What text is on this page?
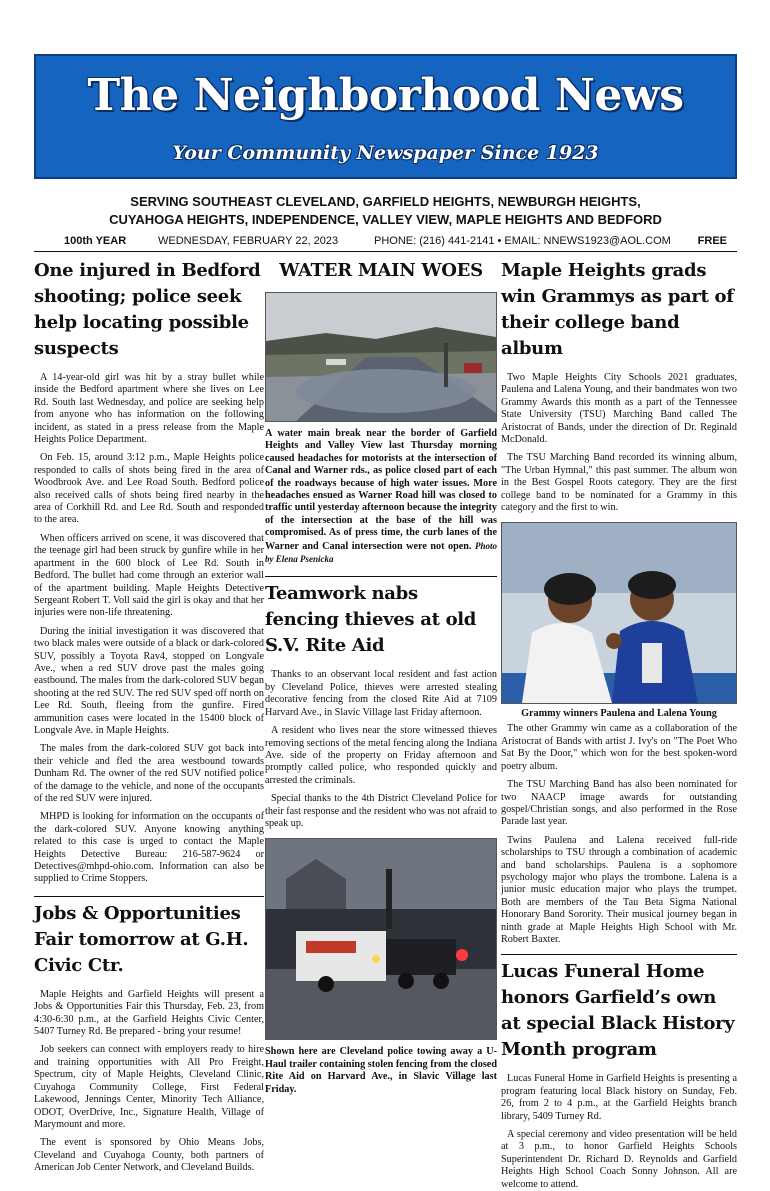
The Neighborhood News
Your Community Newspaper Since 1923
SERVING SOUTHEAST CLEVELAND, GARFIELD HEIGHTS, NEWBURGH HEIGHTS,
CUYAHOGA HEIGHTS, INDEPENDENCE, VALLEY VIEW, MAPLE HEIGHTS AND BEDFORD
100th YEAR	WEDNESDAY, FEBRUARY 22, 2023	PHONE: (216) 441-2141 • EMAIL: NNEWS1923@AOL.COM FREE
One injured in Bedford shooting; police seek help locating possible suspects

A 14-year-old girl was hit by a stray bullet while inside the Bedford apartment where she lives on Lee Rd. South last Wednesday, and police are seeking help from anyone who has information on the following incident, as stated in a press release from the Maple Heights Police Department.

On Feb. 15, around 3:12 p.m., Maple Heights police responded to calls of shots being fired in the area of Woodbrook Ave. and Lee Road South. Bedford police also received calls of shots being fired nearby in the area of Corkhill Rd. and Lee Rd. South and responded to the area.

When officers arrived on scene, it was discovered that the teenage girl had been struck by gunfire while in her apartment in the 600 block of Lee Rd. South in Bedford. The bullet had come through an exterior wall of the apartment building. Maple Heights Detective Sergeant Robert T. Voll said the girl is okay and that her injuries were non-life threatening.

During the initial investigation it was discovered that two black males were outside of a black or dark-colored SUV, possibly a Toyota Rav4, stopped on Longvale Ave., when a red SUV drove past the males going eastbound. The males from the dark-colored SUV began shooting at the red SUV. The red SUV sped off north on Lee Rd. South, fleeing from the gunfire. Fired ammunition cases were located in the 15400 block of Longvale Ave. in Maple Heights.

The males from the dark-colored SUV got back into their vehicle and fled the area westbound towards Dunham Rd. The owner of the red SUV notified police of the damage to the vehicle, and none of the occupants of the red SUV were injured.

MHPD is looking for information on the occupants of the dark-colored SUV. Anyone knowing anything related to this case is urged to contact the Maple Heights Detective Bureau: 216-587-9624 or Detectives@mhpd-ohio.com. Information can also be supplied to Crime Stoppers.

Jobs & Opportunities Fair tomorrow at G.H. Civic Ctr.

Maple Heights and Garfield Heights will present a Jobs & Opportunities Fair this Thursday, Feb. 23, from 4:30-6:30 p.m., at the Garfield Heights Civic Center, 5407 Turney Rd. Be prepared - bring your resume!

Job seekers can connect with employers ready to hire and training opportunities with All Pro Freight, Spectrum, city of Maple Heights, Cleveland Clinic, Cuyahoga Community College, First Federal Lakewood, Jennings Center, Minority Tech Alliance, ODOT, OverDrive, Inc., Signature Health, Village of Marymount and more.

The event is sponsored by Ohio Means Jobs, Cleveland and Cuyahoga County, both partners of American Job Center Network, and Cleveland Builds.

WATER MAIN WOES

A water main break near the border of Garfield Heights and Valley View last Thursday morning caused headaches for motorists at the intersection of Canal and Warner rds., as police closed part of each of the roadways because of high water issues. More headaches ensued as Warner Road hill was closed to traffic until yesterday afternoon because the integrity of the intersection at the base of the hill was compromised. As of press time, the curb lanes of the Warner and Canal intersection were not open. Photo by Elena Psenicka

Teamwork nabs fencing thieves at old S.V. Rite Aid

Thanks to an observant local resident and fast action by Cleveland Police, thieves were arrested stealing decorative fencing from the closed Rite Aid at 7109 Harvard Ave., in Slavic Village last Friday afternoon.

A resident who lives near the store witnessed thieves removing sections of the metal fencing along the Indiana Ave. side of the property on Friday afternoon and promptly called police, who responded quickly and arrested the criminals.

Special thanks to the 4th District Cleveland Police for their fast response and the resident who was not afraid to speak up.

Shown here are Cleveland police towing away a U-Haul trailer containing stolen fencing from the closed Rite Aid on Harvard Ave., in Slavic Village last Friday.

Maple Heights grads win Grammys as part of their college band album

Two Maple Heights City Schools 2021 graduates, Paulena and Lalena Young, and their bandmates won two Grammy Awards this month as a part of the Tennessee State University (TSU) Marching Band called The Aristocrat of Bands, under the direction of Dr. Reginald McDonald.

The TSU Marching Band recorded its winning album, "The Urban Hymnal," this past summer. The album won in the Best Gospel Roots category. They are the first college band to be nominated for a Grammy in this category and the first to win.

Grammy winners Paulena and Lalena Young

The other Grammy win came as a collaboration of the Aristocrat of Bands with artist J. Ivy's on "The Poet Who Sat By the Door," which won for the best spoken-word poetry album.

The TSU Marching Band has also been nominated for two NAACP image awards for outstanding gospel/Christian songs, and also performed in the Rose Parade last year.

Twins Paulena and Lalena received full-ride scholarships to TSU through a combination of academic and band scholarships. Paulena is a sophomore psychology major who plays the trombone. Lalena is a junior music education major who plays the trumpet. Both are members of the Tau Beta Sigma National Honorary Band Sorority. Their musical journey began in ninth grade at Maple Heights High School with Mr. Robert Baxter.

Lucas Funeral Home honors Garfield’s own at special Black History Month program

Lucas Funeral Home in Garfield Heights is presenting a program featuring local Black history on Sunday, Feb. 26, from 2 to 4 p.m., at the Garfield Heights branch library, 5409 Turney Rd.

A special ceremony and video presentation will be held at 3 p.m., to honor Garfield Heights Schools Superintendent Dr. Richard D. Reynolds and Garfield Heights High School Coach Sonny Johnson. All are welcome to attend.
